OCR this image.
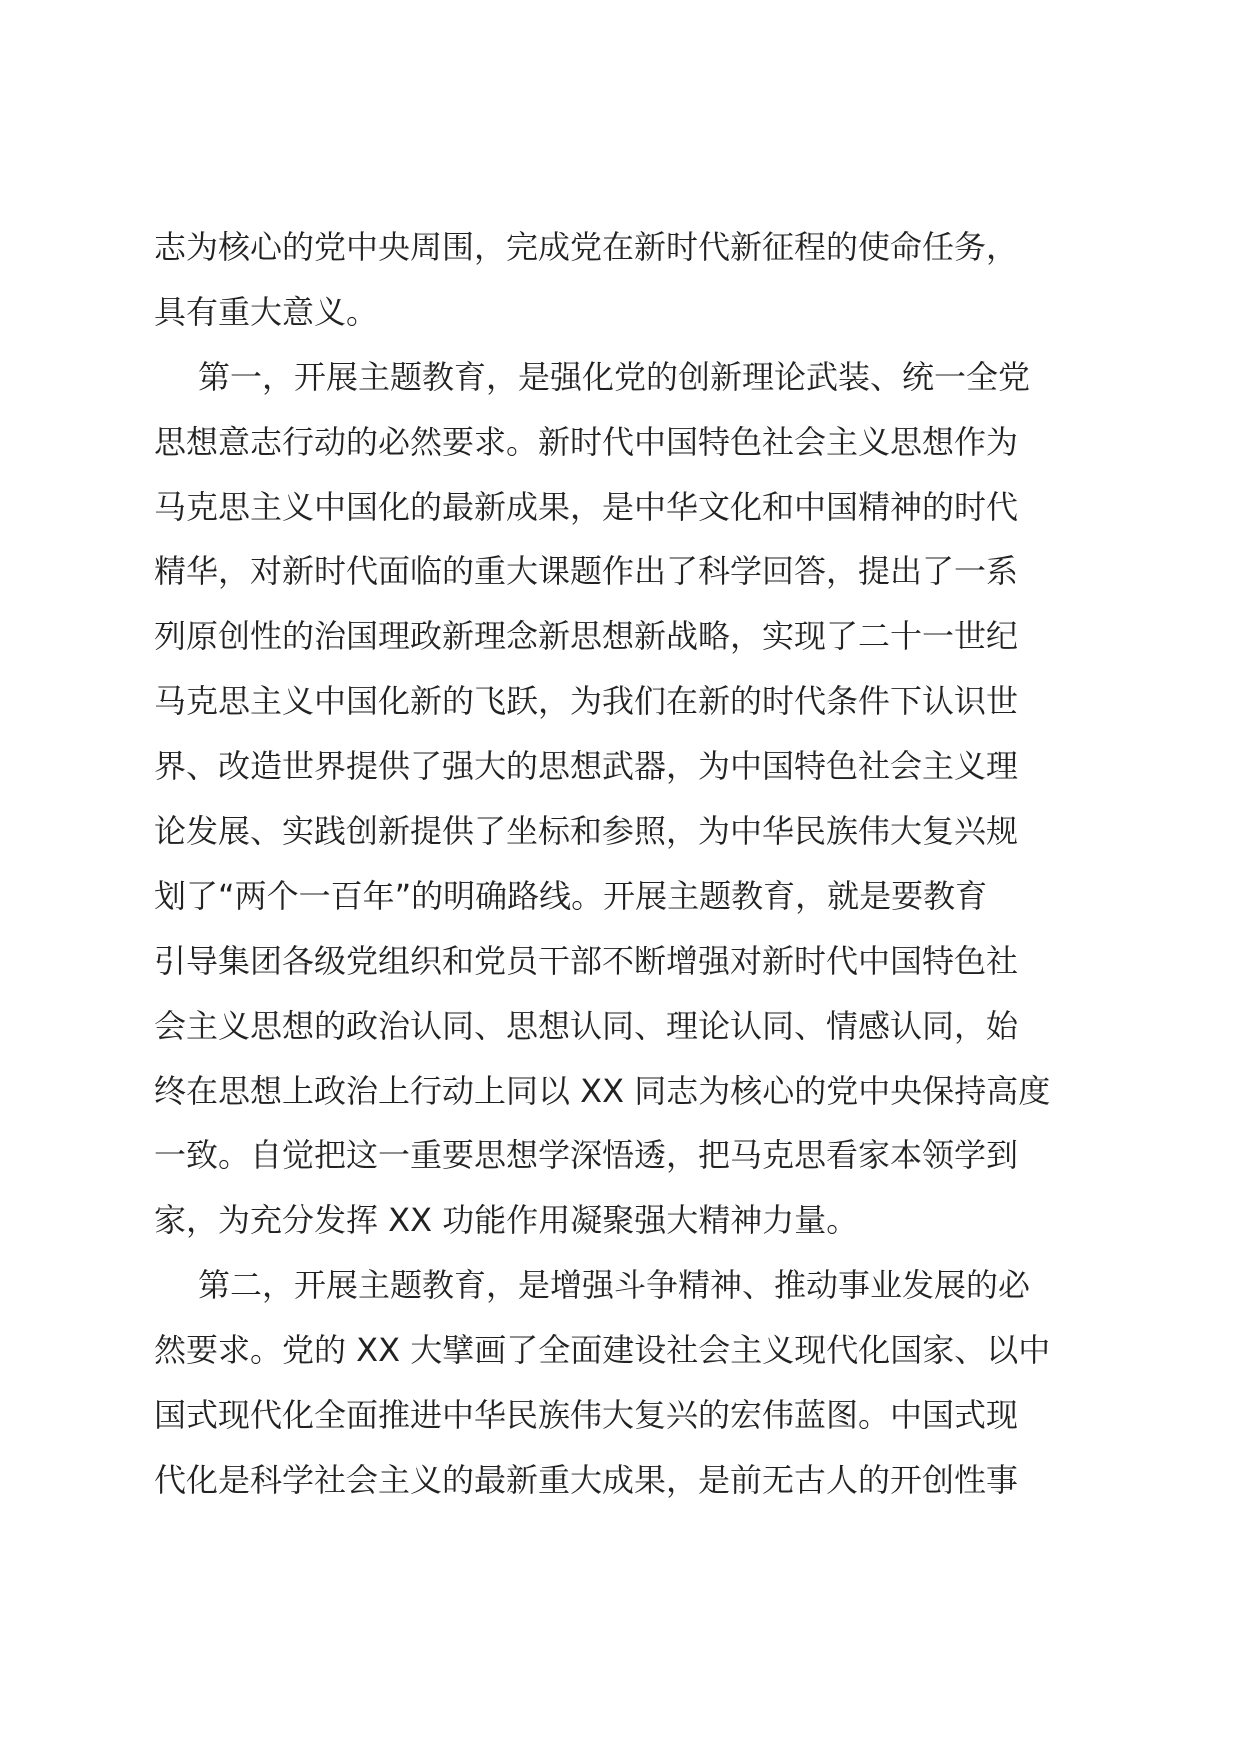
志为核心的党中央周围，完成党在新时代新征程的使命任务，
具有重大意义。
第一，开展主题教育，是强化党的创新理论武装、统一全党
思想意志行动的必然要求。新时代中国特色社会主义思想作为
马克思主义中国化的最新成果，是中华文化和中国精神的时代
精华，对新时代面临的重大课题作出了科学回答，提出了一系
列原创性的治国理政新理念新思想新战略，实现了二十一世纪
马克思主义中国化新的飞跃，为我们在新的时代条件下认识世
界、改造世界提供了强大的思想武器，为中国特色社会主义理
论发展、实践创新提供了坐标和参照，为中华民族伟大复兴规
划了“两个一百年”的明确路线。开展主题教育，就是要教育
引导集团各级党组织和党员干部不断增强对新时代中国特色社
会主义思想的政治认同、思想认同、理论认同、情感认同，始
终在思想上政治上行动上同以 XX 同志为核心的党中央保持高度
一致。自觉把这一重要思想学深悟透，把马克思看家本领学到
家，为充分发挥 XX 功能作用凝聚强大精神力量。
第二，开展主题教育，是增强斗争精神、推动事业发展的必
然要求。党的 XX 大擘画了全面建设社会主义现代化国家、以中
国式现代化全面推进中华民族伟大复兴的宏伟蓝图。中国式现
代化是科学社会主义的最新重大成果，是前无古人的开创性事
